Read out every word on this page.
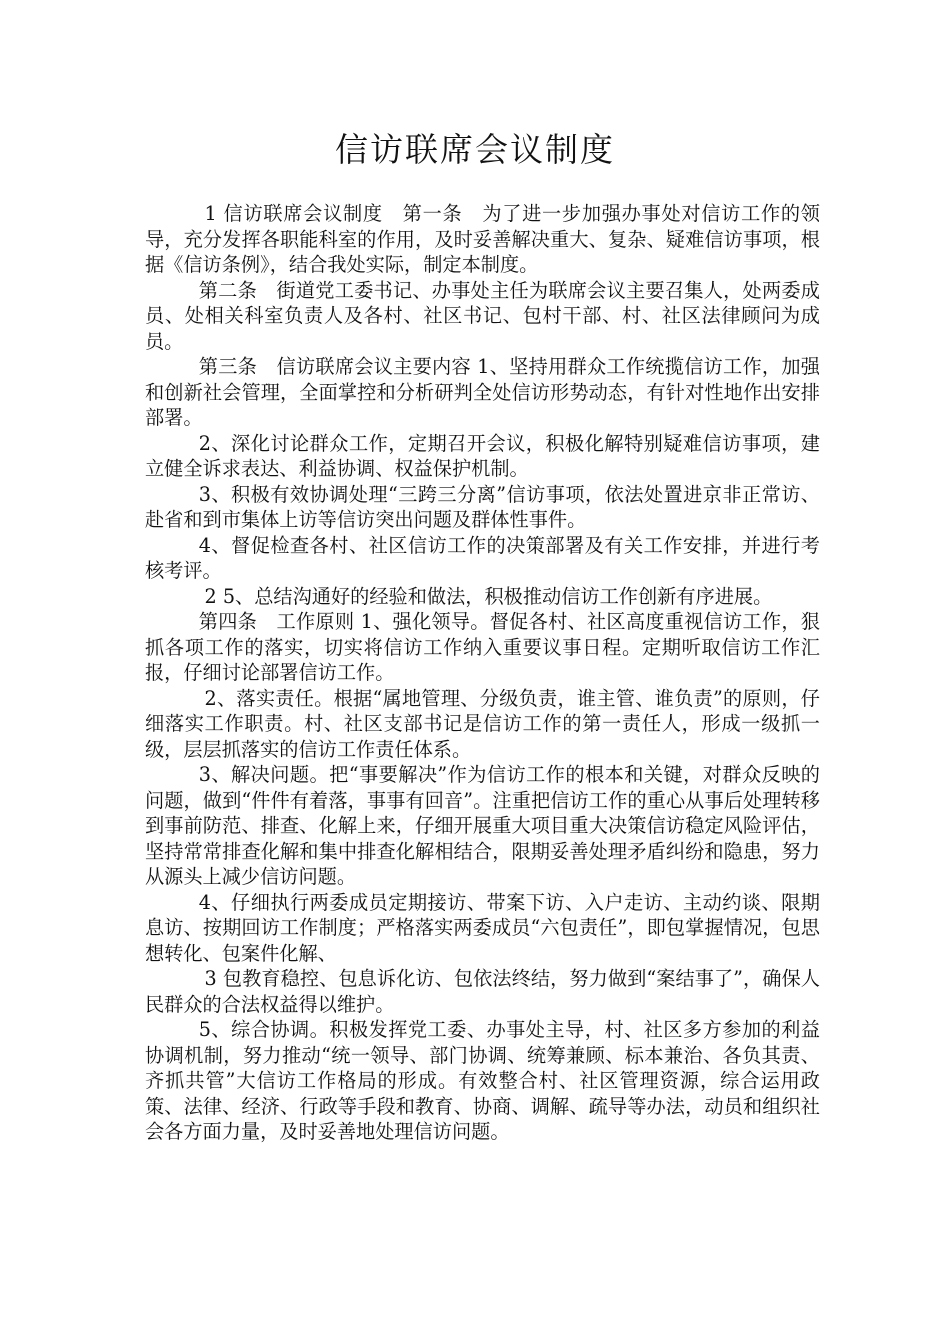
信访联席会议制度

1 信访联席会议制度　第一条　为了进一步加强办事处对信访工作的领导，充分发挥各职能科室的作用，及时妥善解决重大、复杂、疑难信访事项，根据《信访条例》，结合我处实际，制定本制度。

第二条　街道党工委书记、办事处主任为联席会议主要召集人，处两委成员、处相关科室负责人及各村、社区书记、包村干部、村、社区法律顾问为成员。

第三条　信访联席会议主要内容 1、坚持用群众工作统揽信访工作，加强和创新社会管理，全面掌控和分析研判全处信访形势动态，有针对性地作出安排部署。

2、深化讨论群众工作，定期召开会议，积极化解特别疑难信访事项，建立健全诉求表达、利益协调、权益保护机制。

3、积极有效协调处理“三跨三分离”信访事项，依法处置进京非正常访、赴省和到市集体上访等信访突出问题及群体性事件。

4、督促检查各村、社区信访工作的决策部署及有关工作安排，并进行考核考评。

2 5、总结沟通好的经验和做法，积极推动信访工作创新有序进展。

第四条　工作原则 1、强化领导。督促各村、社区高度重视信访工作，狠抓各项工作的落实，切实将信访工作纳入重要议事日程。定期听取信访工作汇报，仔细讨论部署信访工作。

2、落实责任。根据“属地管理、分级负责，谁主管、谁负责”的原则，仔细落实工作职责。村、社区支部书记是信访工作的第一责任人，形成一级抓一级，层层抓落实的信访工作责任体系。

3、解决问题。把“事要解决”作为信访工作的根本和关键，对群众反映的问题，做到“件件有着落，事事有回音”。注重把信访工作的重心从事后处理转移到事前防范、排查、化解上来，仔细开展重大项目重大决策信访稳定风险评估，坚持常常排查化解和集中排查化解相结合，限期妥善处理矛盾纠纷和隐患，努力从源头上减少信访问题。

4、仔细执行两委成员定期接访、带案下访、入户走访、主动约谈、限期息访、按期回访工作制度；严格落实两委成员“六包责任”，即包掌握情况，包思想转化、包案件化解、

3 包教育稳控、包息诉化访、包依法终结，努力做到“案结事了”，确保人民群众的合法权益得以维护。

5、综合协调。积极发挥党工委、办事处主导，村、社区多方参加的利益协调机制，努力推动“统一领导、部门协调、统筹兼顾、标本兼治、各负其责、齐抓共管”大信访工作格局的形成。有效整合村、社区管理资源，综合运用政策、法律、经济、行政等手段和教育、协商、调解、疏导等办法，动员和组织社会各方面力量，及时妥善地处理信访问题。
